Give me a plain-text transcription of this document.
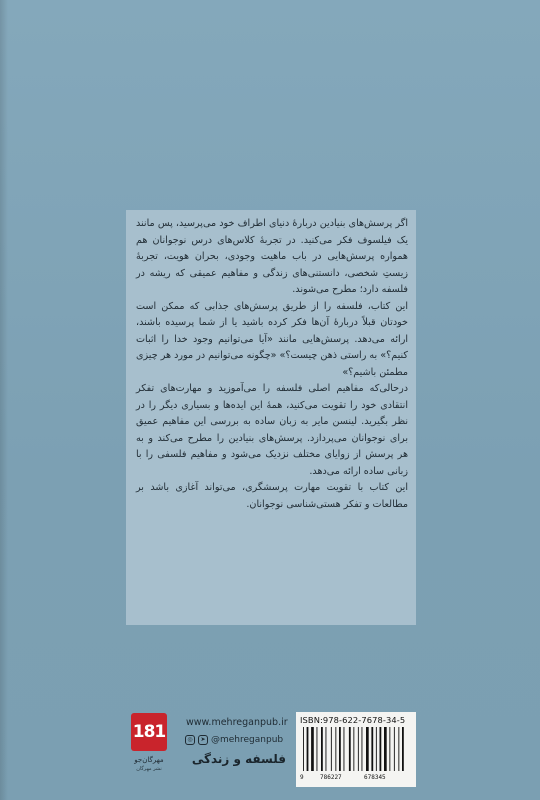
اگر پرسش‌های بنیادین دربارهٔ دنیای اطراف خود می‌پرسید، پس مانند یک فیلسوف فکر می‌کنید. در تجربهٔ کلاس‌های درس نوجوانان هم همواره پرسش‌هایی در باب ماهیت وجودی، بحران هویت، تجربهٔ زیستِ شخصی، دانستنی‌های زندگی و مفاهیم عمیقی که ریشه در فلسفه دارد؛ مطرح می‌شوند.

این کتاب، فلسفه را از طریق پرسش‌های جذابی که ممکن است خودتان قبلاً دربارهٔ آن‌ها فکر کرده باشید یا از شما پرسیده باشند، ارائه می‌دهد. پرسش‌هایی مانند «آیا می‌توانیم وجود خدا را اثبات کنیم؟» به راستی ذهن چیست؟» «چگونه می‌توانیم در مورد هر چیزی مطمئن باشیم؟»

درحالی‌که مفاهیم اصلی فلسفه را می‌آموزید و مهارت‌های تفکر انتقادی خود را تقویت می‌کنید، همهٔ این ایده‌ها و بسیاری دیگر را در نظر بگیرید. لینسن مایر به زبان ساده به بررسی این مفاهیم عمیق برای نوجوانان می‌پردازد. پرسش‌های بنیادین را مطرح می‌کند و به هر پرسش از زوایای مختلف نزدیک می‌شود و مفاهیم فلسفی را با زبانی ساده ارائه می‌دهد.

این کتاب با تقویت مهارت پرسشگری، می‌تواند آغازی باشد بر مطالعات و تفکر هستی‌شناسی نوجوانان.

181
مهرگان‌جو
نشر مهرگان
www.mehreganpub.ir
◎	➤ @mehreganpub
فلسفه و زندگی
ISBN:978-622-7678-34-5
9	786227	678345
